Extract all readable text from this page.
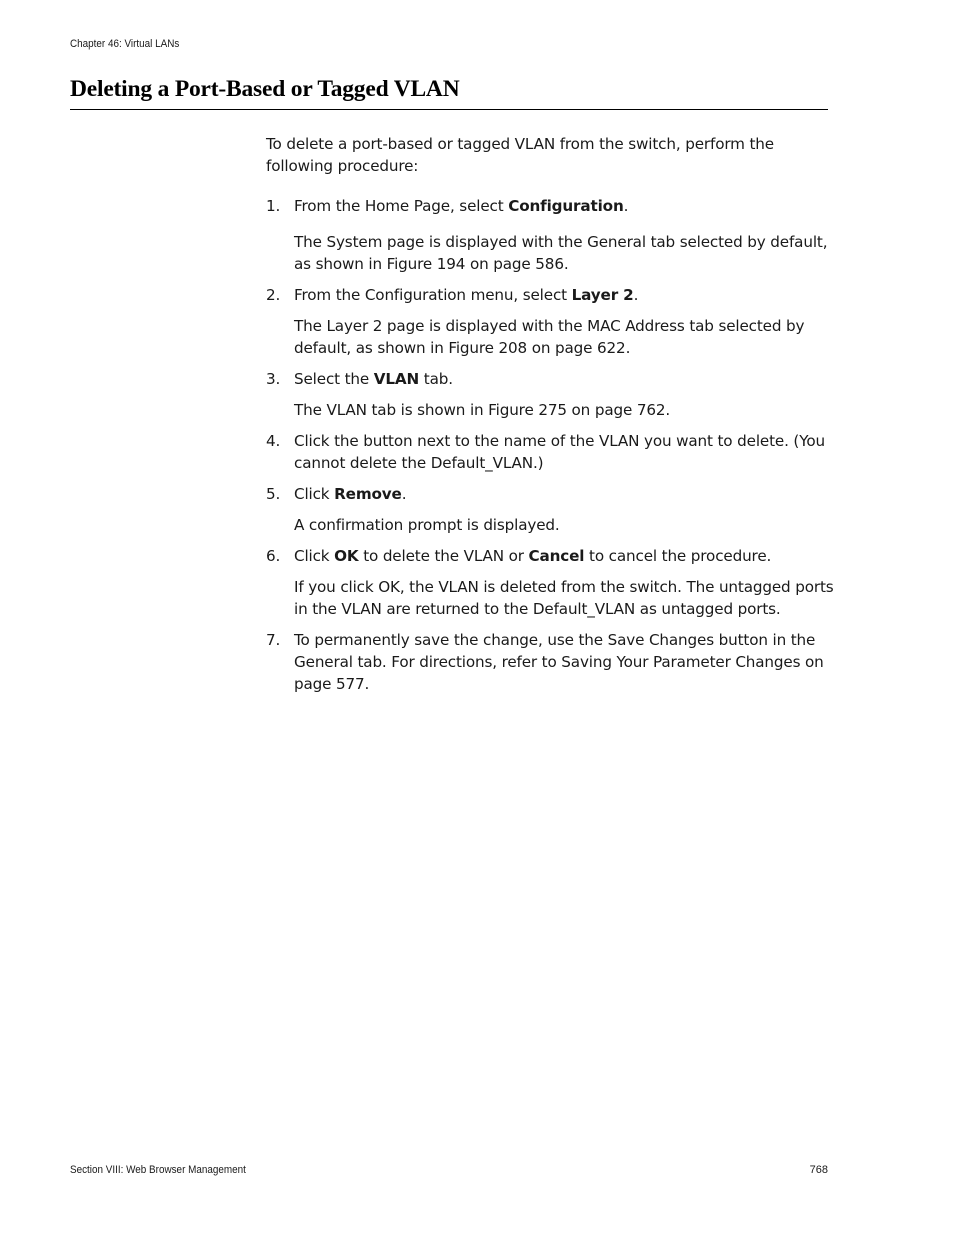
Chapter 46: Virtual LANs
Deleting a Port-Based or Tagged VLAN

To delete a port-based or tagged VLAN from the switch, perform the following procedure:

1. From the Home Page, select Configuration.

The System page is displayed with the General tab selected by default, as shown in Figure 194 on page 586.

2. From the Configuration menu, select Layer 2.

The Layer 2 page is displayed with the MAC Address tab selected by default, as shown in Figure 208 on page 622.

3. Select the VLAN tab.

The VLAN tab is shown in Figure 275 on page 762.

4. Click the button next to the name of the VLAN you want to delete. (You cannot delete the Default_VLAN.)

5. Click Remove.

A confirmation prompt is displayed.

6. Click OK to delete the VLAN or Cancel to cancel the procedure.

If you click OK, the VLAN is deleted from the switch. The untagged ports in the VLAN are returned to the Default_VLAN as untagged ports.

7. To permanently save the change, use the Save Changes button in the General tab. For directions, refer to Saving Your Parameter Changes on page 577.

Section VIII: Web Browser Management	768
